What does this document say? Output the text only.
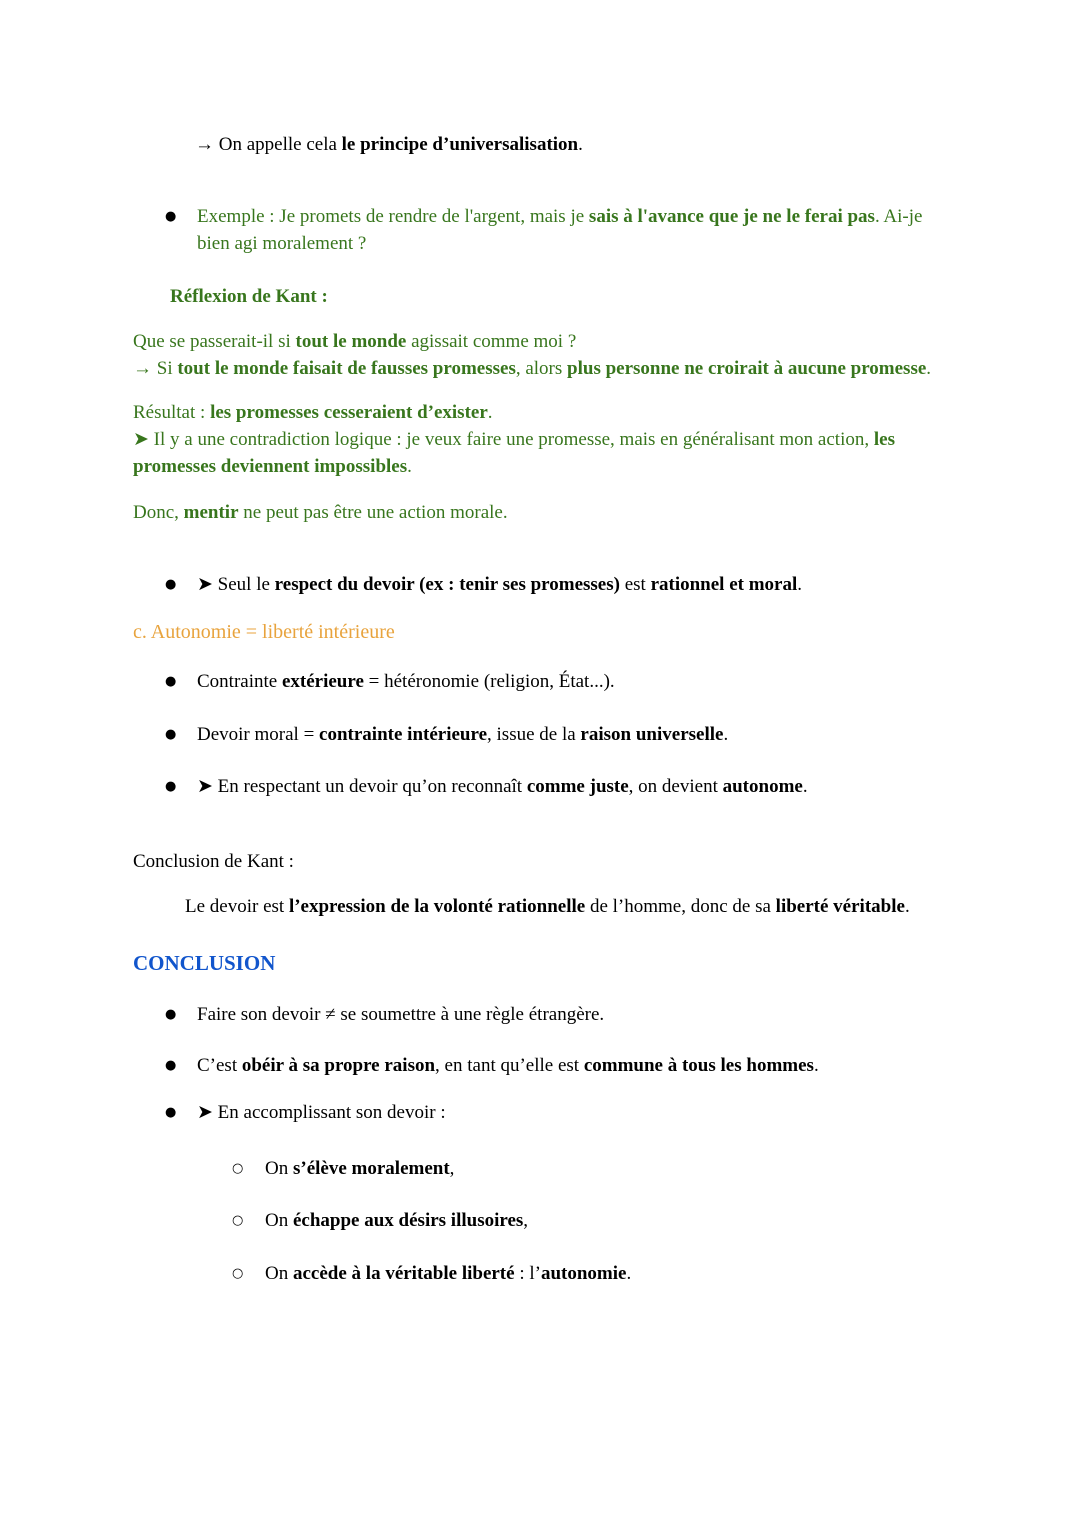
→ On appelle cela le principe d’universalisation.

●	Exemple : Je promets de rendre de l'argent, mais je sais à l'avance que je ne le ferai pas. Ai-je bien agi moralement ?

Réflexion de Kant :

Que se passerait-il si tout le monde agissait comme moi ?
→ Si tout le monde faisait de fausses promesses, alors plus personne ne croirait à aucune promesse.

Résultat : les promesses cesseraient d’exister.
➤ Il y a une contradiction logique : je veux faire une promesse, mais en généralisant mon action, les promesses deviennent impossibles.

Donc, mentir ne peut pas être une action morale.

●	➤ Seul le respect du devoir (ex : tenir ses promesses) est rationnel et moral.

c. Autonomie = liberté intérieure

●	Contrainte extérieure = hétéronomie (religion, État...).
●	Devoir moral = contrainte intérieure, issue de la raison universelle.
●	➤ En respectant un devoir qu’on reconnaît comme juste, on devient autonome.

Conclusion de Kant :

Le devoir est l’expression de la volonté rationnelle de l’homme, donc de sa liberté véritable.

CONCLUSION

●	Faire son devoir ≠ se soumettre à une règle étrangère.
●	C’est obéir à sa propre raison, en tant qu’elle est commune à tous les hommes.
●	➤ En accomplissant son devoir :
○	On s’élève moralement,
○	On échappe aux désirs illusoires,
○	On accède à la véritable liberté : l’autonomie.
